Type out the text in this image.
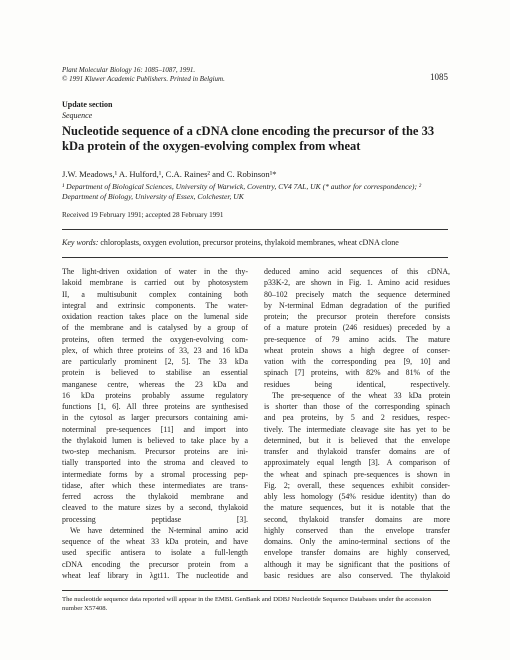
Plant Molecular Biology 16: 1085–1087, 1991.
© 1991 Kluwer Academic Publishers. Printed in Belgium.	1085
Update section
Sequence
Nucleotide sequence of a cDNA clone encoding the precursor of the 33 kDa protein of the oxygen-evolving complex from wheat
J.W. Meadows,¹ A. Hulford,¹, C.A. Raines² and C. Robinson¹*
¹ Department of Biological Sciences, University of Warwick, Coventry, CV4 7AL, UK (* author for correspondence); ² Department of Biology, University of Essex, Colchester, UK
Received 19 February 1991; accepted 28 February 1991
Key words: chloroplasts, oxygen evolution, precursor proteins, thylakoid membranes, wheat cDNA clone

The light-driven oxidation of water in the thy-
lakoid membrane is carried out by photosystem
II, a multisubunit complex containing both
integral and extrinsic components. The water-
oxidation reaction takes place on the lumenal side
of the membrane and is catalysed by a group of
proteins, often termed the oxygen-evolving com-
plex, of which three proteins of 33, 23 and 16 kDa
are particularly prominent [2, 5]. The 33 kDa
protein is believed to stabilise an essential
manganese centre, whereas the 23 kDa and
16 kDa proteins probably assume regulatory
functions [1, 6]. All three proteins are synthesised
in the cytosol as larger precursors containing ami-
noterminal pre-sequences [11] and import into
the thylakoid lumen is believed to take place by a
two-step mechanism. Precursor proteins are ini-
tially transported into the stroma and cleaved to
intermediate forms by a stromal processing pep-
tidase, after which these intermediates are trans-
ferred across the thylakoid membrane and
cleaved to the mature sizes by a second, thylakoid
processing peptidase [3].
We have determined the N-terminal amino acid
sequence of the wheat 33 kDa protein, and have
used specific antisera to isolate a full-length
cDNA encoding the precursor protein from a
wheat leaf library in λgt11. The nucleotide and

deduced amino acid sequences of this cDNA,
p33K-2, are shown in Fig. 1. Amino acid residues
80–102 precisely match the sequence determined
by N-terminal Edman degradation of the purified
protein; the precursor protein therefore consists
of a mature protein (246 residues) preceded by a
pre-sequence of 79 amino acids. The mature
wheat protein shows a high degree of conser-
vation with the corresponding pea [9, 10] and
spinach [7] proteins, with 82% and 81% of the
residues being identical, respectively.
The pre-sequence of the wheat 33 kDa protein
is shorter than those of the corresponding spinach
and pea proteins, by 5 and 2 residues, respec-
tively. The intermediate cleavage site has yet to be
determined, but it is believed that the envelope
transfer and thylakoid transfer domains are of
approximately equal length [3]. A comparison of
the wheat and spinach pre-sequences is shown in
Fig. 2; overall, these sequences exhibit consider-
ably less homology (54% residue identity) than do
the mature sequences, but it is notable that the
second, thylakoid transfer domains are more
highly conserved than the envelope transfer
domains. Only the amino-terminal sections of the
envelope transfer domains are highly conserved,
although it may be significant that the positions of
basic residues are also conserved. The thylakoid

The nucleotide sequence data reported will appear in the EMBL GenBank and DDBJ Nucleotide Sequence Databases under the accession number X57408.
